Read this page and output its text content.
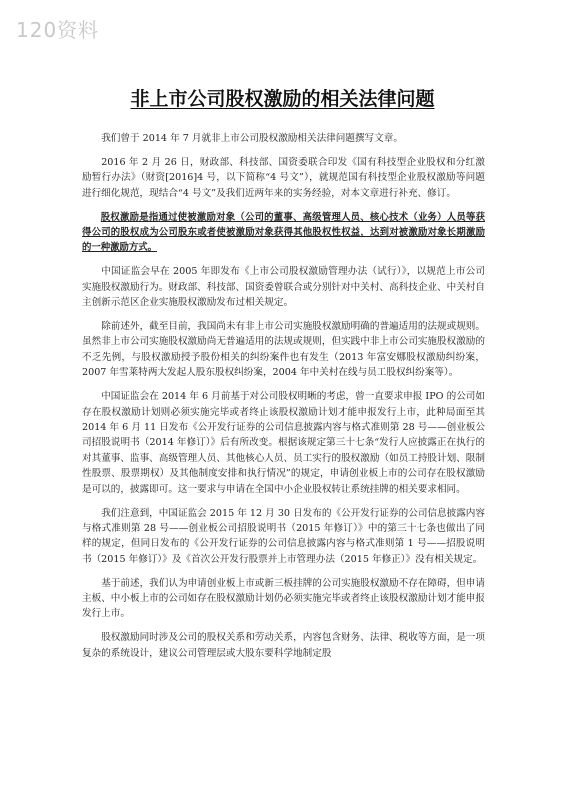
120资料
非上市公司股权激励的相关法律问题

我们曾于 2014 年 7 月就非上市公司股权激励相关法律问题撰写文章。

2016 年 2 月 26 日，财政部、科技部、国资委联合印发《国有科技型企业股权和分红激励暂行办法》（财资[2016]4 号，以下简称“4 号文”），就规范国有科技型企业股权激励等问题进行细化规范，现结合“4 号文”及我们近两年来的实务经验，对本文章进行补充、修订。

股权激励是指通过使被激励对象（公司的董事、高级管理人员、核心技术（业务）人员等获得公司的股权成为公司股东或者使被激励对象获得其他股权性权益，达到对被激励对象长期激励的一种激励方式。

中国证监会早在 2005 年即发布《上市公司股权激励管理办法（试行）》，以规范上市公司实施股权激励行为。财政部、科技部、国资委曾联合或分别针对中关村、高科技企业、中关村自主创新示范区企业实施股权激励发布过相关规定。

除前述外，截至目前，我国尚未有非上市公司实施股权激励明确的普遍适用的法规或规则。虽然非上市公司实施股权激励尚无普遍适用的法规或规则，但实践中非上市公司实施股权激励的不乏先例，与股权激励授予股份相关的纠纷案件也有发生（2013 年富安娜股权激励纠纷案，2007 年雪莱特两大发起人股东股权纠纷案，2004 年中关村在线与员工股权纠纷案等）。

中国证监会在 2014 年 6 月前基于对公司股权明晰的考虑，曾一直要求申报 IPO 的公司如存在股权激励计划则必须实施完毕或者终止该股权激励计划才能申报发行上市，此种局面至其 2014 年 6 月 11 日发布《公开发行证券的公司信息披露内容与格式准则第 28 号——创业板公司招股说明书（2014 年修订）》后有所改变。根据该规定第三十七条“发行人应披露正在执行的对其董事、监事、高级管理人员、其他核心人员、员工实行的股权激励（如员工持股计划、限制性股票、股票期权）及其他制度安排和执行情况”的规定，申请创业板上市的公司存在股权激励是可以的，披露即可。这一要求与申请在全国中小企业股权转让系统挂牌的相关要求相同。

我们注意到，中国证监会 2015 年 12 月 30 日发布的《公开发行证券的公司信息披露内容与格式准则第 28 号——创业板公司招股说明书（2015 年修订）》中的第三十七条也做出了同样的规定，但同日发布的《公开发行证券的公司信息披露内容与格式准则第 1 号——招股说明书（2015 年修订）》及《首次公开发行股票并上市管理办法（2015 年修正）》没有相关规定。

基于前述，我们认为申请创业板上市或新三板挂牌的公司实施股权激励不存在障碍，但申请主板、中小板上市的公司如存在股权激励计划仍必须实施完毕或者终止该股权激励计划才能申报发行上市。

股权激励同时涉及公司的股权关系和劳动关系，内容包含财务、法律、税收等方面，是一项复杂的系统设计，建议公司管理层或大股东要科学地制定股
